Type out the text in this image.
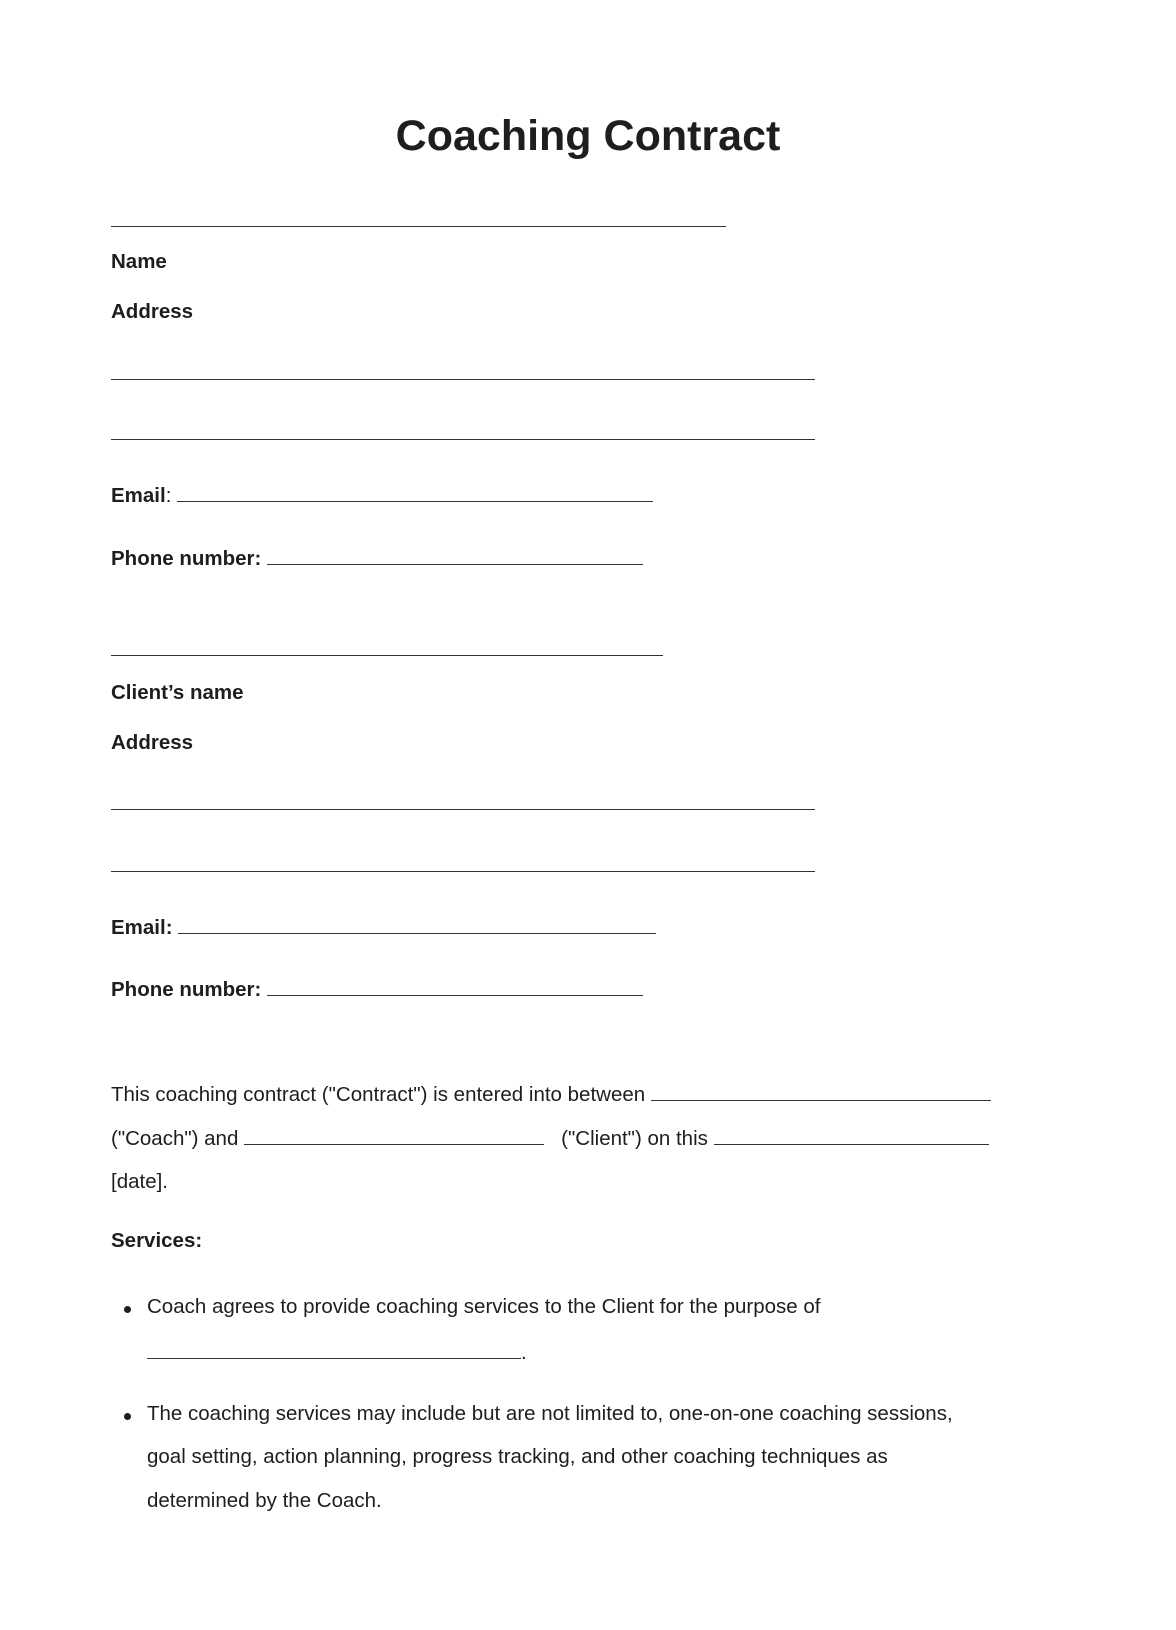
Coaching Contract
Name
Address
Email :

Phone number:

Client’s name
Address
Email:

Phone number:

This coaching contract ("Contract") is entered into between

("Coach") and

	("Client") on this

[date].
Services:
Coach agrees to provide coaching services to the Client for the purpose of
.
The coaching services may include but are not limited to, one-on-one coaching sessions,
goal setting, action planning, progress tracking, and other coaching techniques as
determined by the Coach.
